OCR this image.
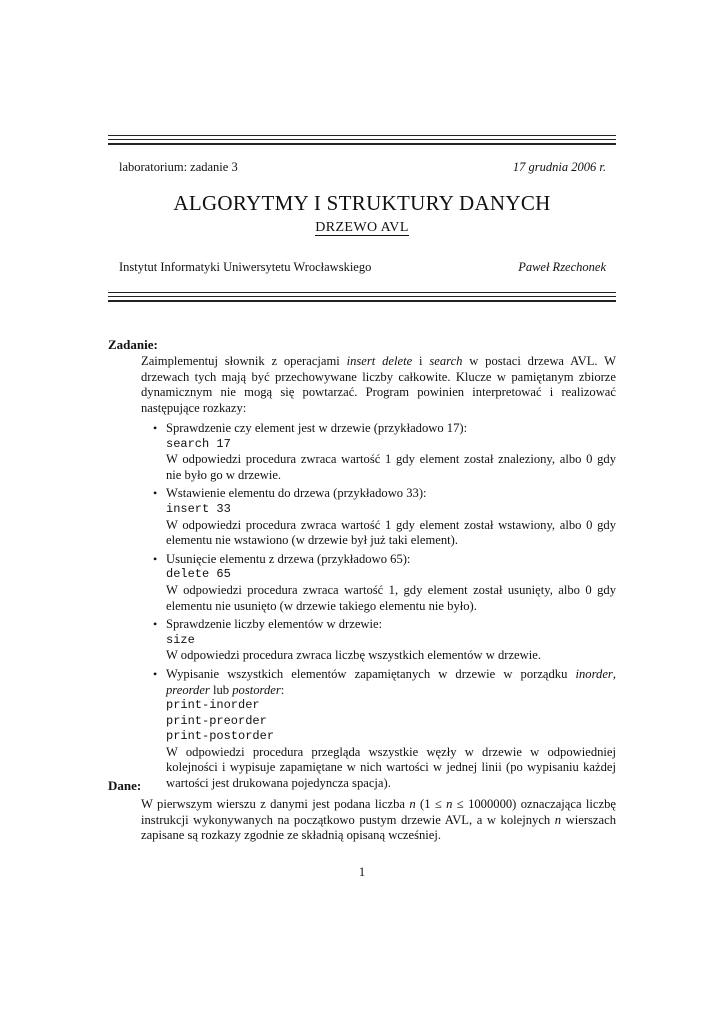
laboratorium: zadanie 3	17 grudnia 2006 r.
ALGORYTMY I STRUKTURY DANYCH
DRZEWO AVL
Instytut Informatyki Uniwersytetu Wrocławskiego	Paweł Rzechonek
Zadanie:
Zaimplementuj słownik z operacjami insert delete i search w postaci drzewa AVL. W drzewach tych mają być przechowywane liczby całkowite. Klucze w pamiętanym zbiorze dynamicznym nie mogą się powtarzać. Program powinien interpretować i realizować następujące rozkazy:
• Sprawdzenie czy element jest w drzewie (przykładowo 17):
search 17
W odpowiedzi procedura zwraca wartość 1 gdy element został znaleziony, albo 0 gdy nie było go w drzewie.
• Wstawienie elementu do drzewa (przykładowo 33):
insert 33
W odpowiedzi procedura zwraca wartość 1 gdy element został wstawiony, albo 0 gdy elementu nie wstawiono (w drzewie był już taki element).
• Usunięcie elementu z drzewa (przykładowo 65):
delete 65
W odpowiedzi procedura zwraca wartość 1, gdy element został usunięty, albo 0 gdy elementu nie usunięto (w drzewie takiego elementu nie było).
• Sprawdzenie liczby elementów w drzewie:
size
W odpowiedzi procedura zwraca liczbę wszystkich elementów w drzewie.
• Wypisanie wszystkich elementów zapamiętanych w drzewie w porządku inorder, preorder lub postorder:
print-inorder
print-preorder
print-postorder
W odpowiedzi procedura przegląda wszystkie węzły w drzewie w odpowiedniej kolejności i wypisuje zapamiętane w nich wartości w jednej linii (po wypisaniu każdej wartości jest drukowana pojedyncza spacja).
Dane:
W pierwszym wierszu z danymi jest podana liczba n (1 ≤ n ≤ 1000000) oznaczająca liczbę instrukcji wykonywanych na początkowo pustym drzewie AVL, a w kolejnych n wierszach zapisane są rozkazy zgodnie ze składnią opisaną wcześniej.
1
